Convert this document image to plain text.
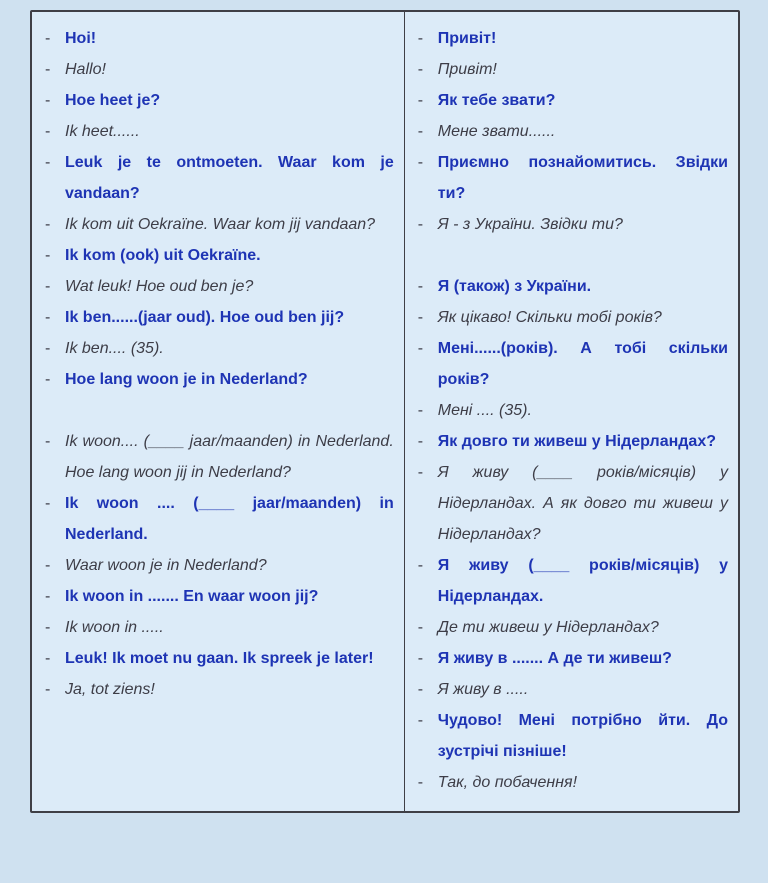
- Hoi!
- Hallo!
- Hoe heet je?
- Ik heet......
- Leuk je te ontmoeten. Waar kom je vandaan?
- Ik kom uit Oekraïne. Waar kom jij vandaan?
- Ik kom (ook) uit Oekraïne.
- Wat leuk! Hoe oud ben je?
- Ik ben......(jaar oud). Hoe oud ben jij?
- Ik ben.... (35).
- Hoe lang woon je in Nederland?
- Ik woon.... (____ jaar/maanden) in Nederland. Hoe lang woon jij in Nederland?
- Ik woon .... (____ jaar/maanden) in Nederland.
- Waar woon je in Nederland?
- Ik woon in ....... En waar woon jij?
- Ik woon in .....
- Leuk! Ik moet nu gaan. Ik spreek je later!
- Ja, tot ziens!
- Привіт!
- Привіт!
- Як тебе звати?
- Мене звати......
- Приємно познайомитись. Звідки ти?
- Я - з України. Звідки ти?
- Я (також) з України.
- Як цікаво! Скільки тобі років?
- Мені......(років). А тобі скільки років?
- Мені .... (35).
- Як довго ти живеш у Нідерландах?
- Я живу (____ років/місяців) у Нідерландах. А як довго ти живеш у Нідерландах?
- Я живу (____ років/місяців) у Нідерландах.
- Де ти живеш у Нідерландах?
- Я живу в ....... А де ти живеш?
- Я живу в .....
- Чудово! Мені потрібно йти. До зустрічі пізніше!
- Так, до побачення!
